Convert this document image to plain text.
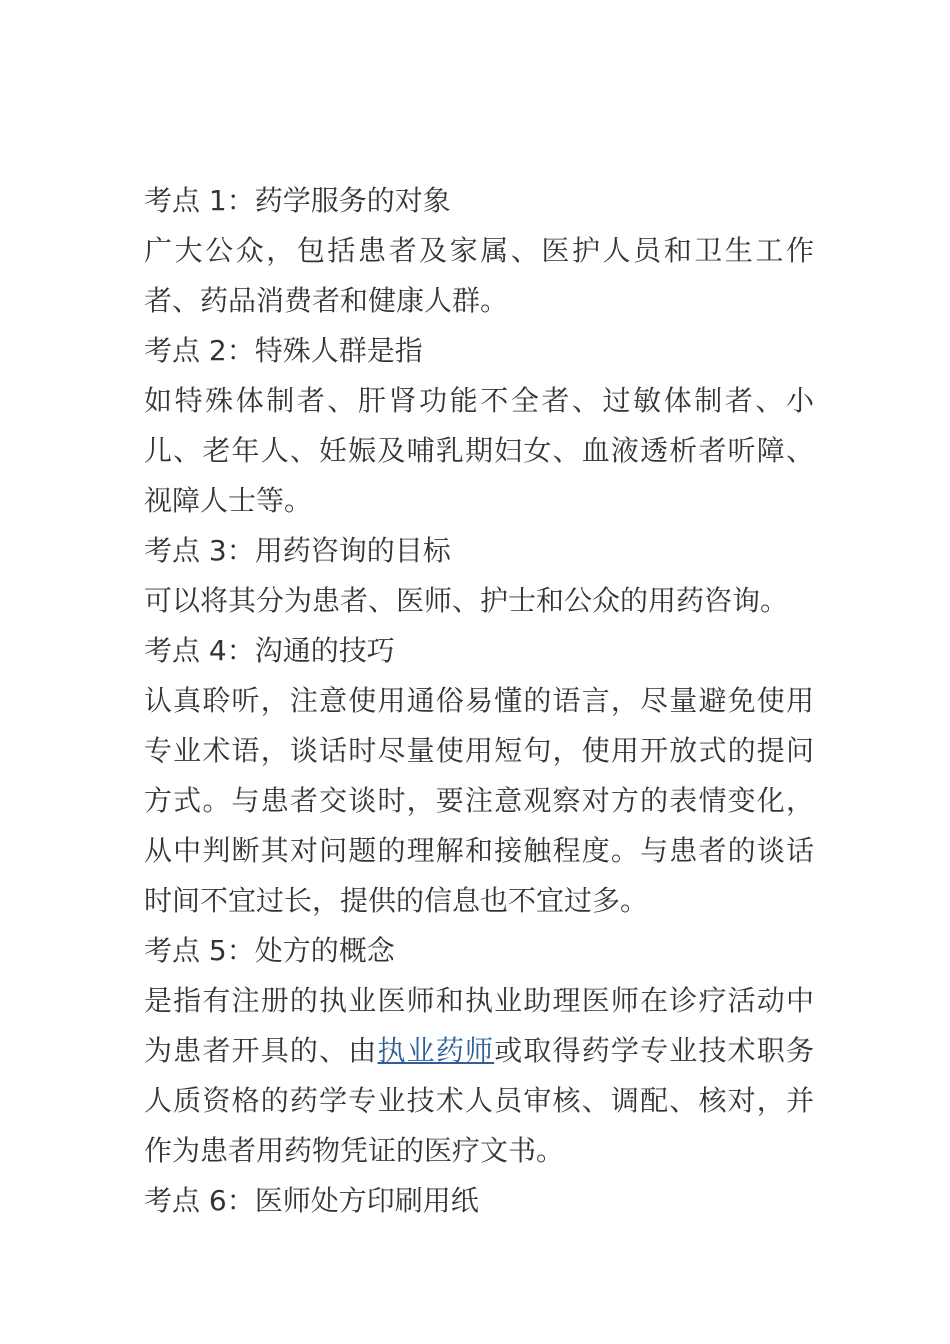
考点 1：药学服务的对象

广大公众，包括患者及家属、医护人员和卫生工作者、药品消费者和健康人群。

考点 2：特殊人群是指

如特殊体制者、肝肾功能不全者、过敏体制者、小儿、老年人、妊娠及哺乳期妇女、血液透析者听障、视障人士等。

考点 3：用药咨询的目标

可以将其分为患者、医师、护士和公众的用药咨询。

考点 4：沟通的技巧

认真聆听，注意使用通俗易懂的语言，尽量避免使用专业术语，谈话时尽量使用短句，使用开放式的提问方式。与患者交谈时，要注意观察对方的表情变化，从中判断其对问题的理解和接触程度。与患者的谈话时间不宜过长，提供的信息也不宜过多。

考点 5：处方的概念

是指有注册的执业医师和执业助理医师在诊疗活动中为患者开具的、由执业药师或取得药学专业技术职务人质资格的药学专业技术人员审核、调配、核对，并作为患者用药物凭证的医疗文书。

考点 6：医师处方印刷用纸
